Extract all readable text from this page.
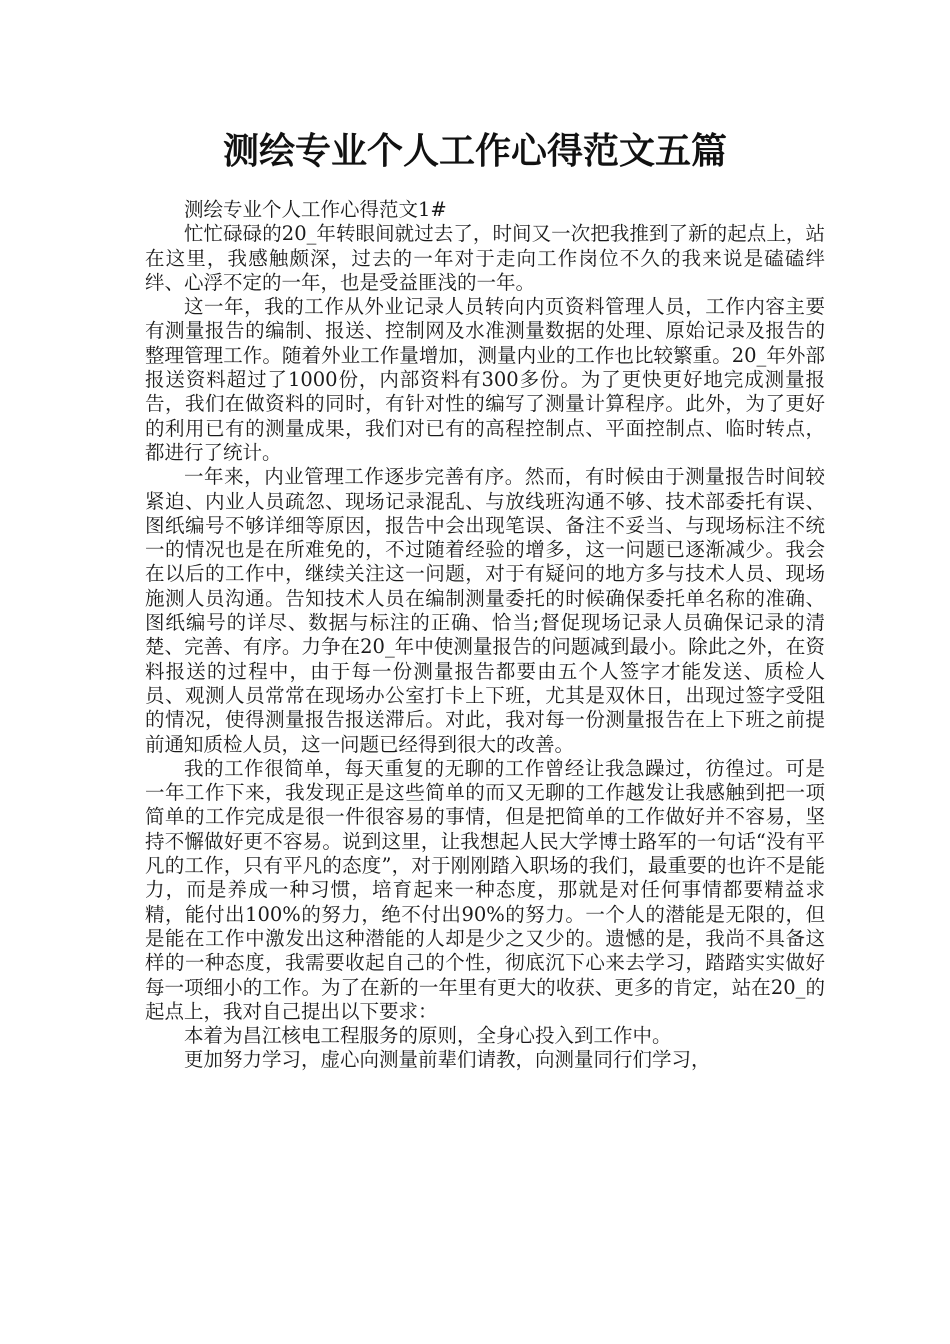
测绘专业个人工作心得范文五篇

测绘专业个人工作心得范文1#

忙忙碌碌的20_年转眼间就过去了，时间又一次把我推到了新的起点上，站在这里，我感触颇深，过去的一年对于走向工作岗位不久的我来说是磕磕绊绊、心浮不定的一年，也是受益匪浅的一年。

这一年，我的工作从外业记录人员转向内页资料管理人员，工作内容主要有测量报告的编制、报送、控制网及水准测量数据的处理、原始记录及报告的整理管理工作。随着外业工作量增加，测量内业的工作也比较繁重。20_年外部报送资料超过了1000份，内部资料有300多份。为了更快更好地完成测量报告，我们在做资料的同时，有针对性的编写了测量计算程序。此外，为了更好的利用已有的测量成果，我们对已有的高程控制点、平面控制点、临时转点，都进行了统计。

一年来，内业管理工作逐步完善有序。然而，有时候由于测量报告时间较紧迫、内业人员疏忽、现场记录混乱、与放线班沟通不够、技术部委托有误、图纸编号不够详细等原因，报告中会出现笔误、备注不妥当、与现场标注不统一的情况也是在所难免的，不过随着经验的增多，这一问题已逐渐减少。我会在以后的工作中，继续关注这一问题，对于有疑问的地方多与技术人员、现场施测人员沟通。告知技术人员在编制测量委托的时候确保委托单名称的准确、图纸编号的详尽、数据与标注的正确、恰当;督促现场记录人员确保记录的清楚、完善、有序。力争在20_年中使测量报告的问题减到最小。除此之外，在资料报送的过程中，由于每一份测量报告都要由五个人签字才能发送、质检人员、观测人员常常在现场办公室打卡上下班，尤其是双休日，出现过签字受阻的情况，使得测量报告报送滞后。对此，我对每一份测量报告在上下班之前提前通知质检人员，这一问题已经得到很大的改善。

我的工作很简单，每天重复的无聊的工作曾经让我急躁过，彷徨过。可是一年工作下来，我发现正是这些简单的而又无聊的工作越发让我感触到把一项简单的工作完成是很一件很容易的事情，但是把简单的工作做好并不容易，坚持不懈做好更不容易。说到这里，让我想起人民大学博士路军的一句话“没有平凡的工作，只有平凡的态度”，对于刚刚踏入职场的我们，最重要的也许不是能力，而是养成一种习惯，培育起来一种态度，那就是对任何事情都要精益求精，能付出100%的努力，绝不付出90%的努力。一个人的潜能是无限的，但是能在工作中激发出这种潜能的人却是少之又少的。遗憾的是，我尚不具备这样的一种态度，我需要收起自己的个性，彻底沉下心来去学习，踏踏实实做好每一项细小的工作。为了在新的一年里有更大的收获、更多的肯定，站在20_的起点上，我对自己提出以下要求：

本着为昌江核电工程服务的原则，全身心投入到工作中。

更加努力学习，虚心向测量前辈们请教，向测量同行们学习，
